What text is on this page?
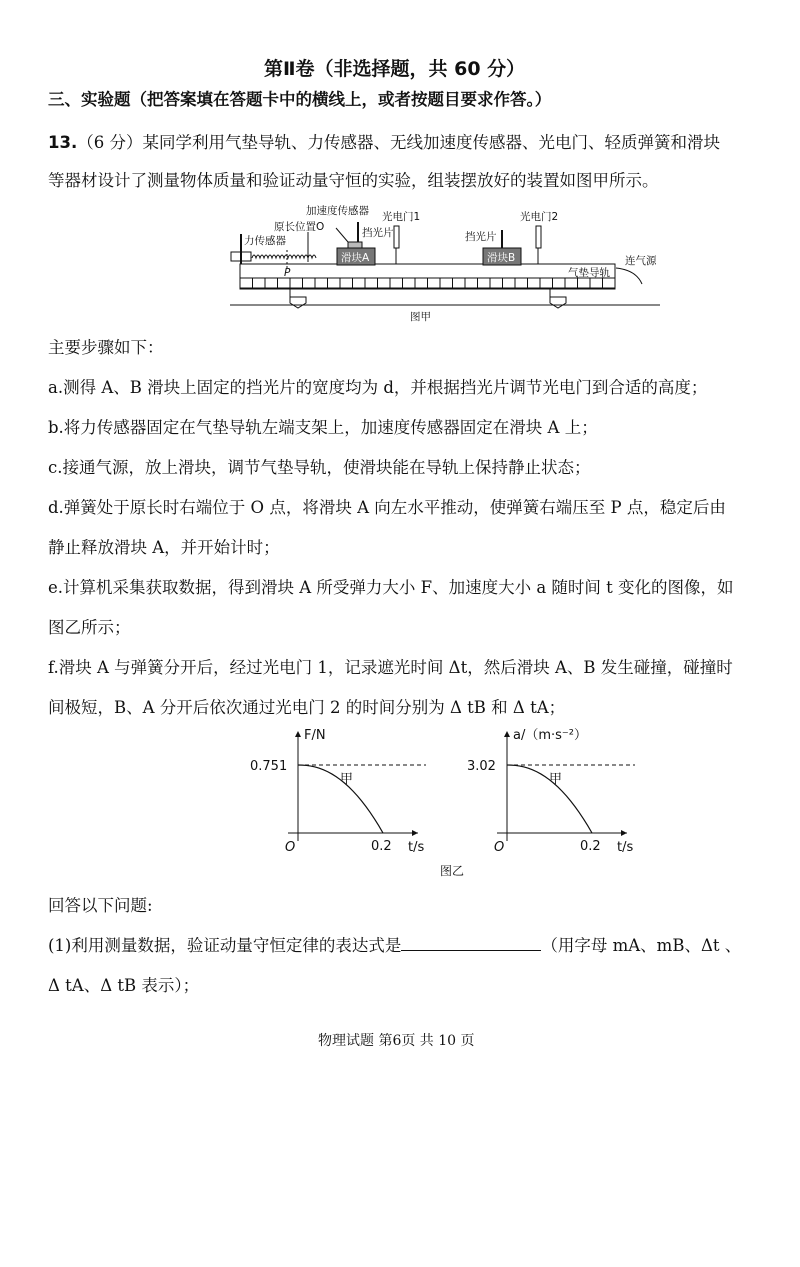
第Ⅱ卷（非选择题，共 60 分）
三、实验题（把答案填在答题卡中的横线上，或者按题目要求作答。）
13.（6 分）某同学利用气垫导轨、力传感器、无线加速度传感器、光电门、轻质弹簧和滑块
等器材设计了测量物体质量和验证动量守恒的实验，组装摆放好的装置如图甲所示。
加速度传感器
原长位置O
力传感器
光电门1	光电门2
挡光片	挡光片
滑块A	滑块B
气垫导轨
连气源
P
图甲
主要步骤如下：
a.测得 A、B 滑块上固定的挡光片的宽度均为 d，并根据挡光片调节光电门到合适的高度；
b.将力传感器固定在气垫导轨左端支架上，加速度传感器固定在滑块 A 上；
c.接通气源，放上滑块，调节气垫导轨，使滑块能在导轨上保持静止状态；
d.弹簧处于原长时右端位于 O 点，将滑块 A 向左水平推动，使弹簧右端压至 P 点，稳定后由
静止释放滑块 A，并开始计时；
e.计算机采集获取数据，得到滑块 A 所受弹力大小 F、加速度大小 a 随时间 t 变化的图像，如
图乙所示；
f.滑块 A 与弹簧分开后，经过光电门 1，记录遮光时间 Δt，然后滑块 A、B 发生碰撞，碰撞时
间极短，B、A 分开后依次通过光电门 2 的时间分别为 Δ tB 和 Δ tA；
0.751
0.2
O
F/N
t/s
甲
3.02
0.2
O
a/（m·s⁻²）
t/s
甲
图乙
回答以下问题:
(1)利用测量数据，验证动量守恒定律的表达式是	（用字母 mA、mB、Δt 、
Δ tA、Δ tB 表示）；
物理试题 第6页 共 10 页
